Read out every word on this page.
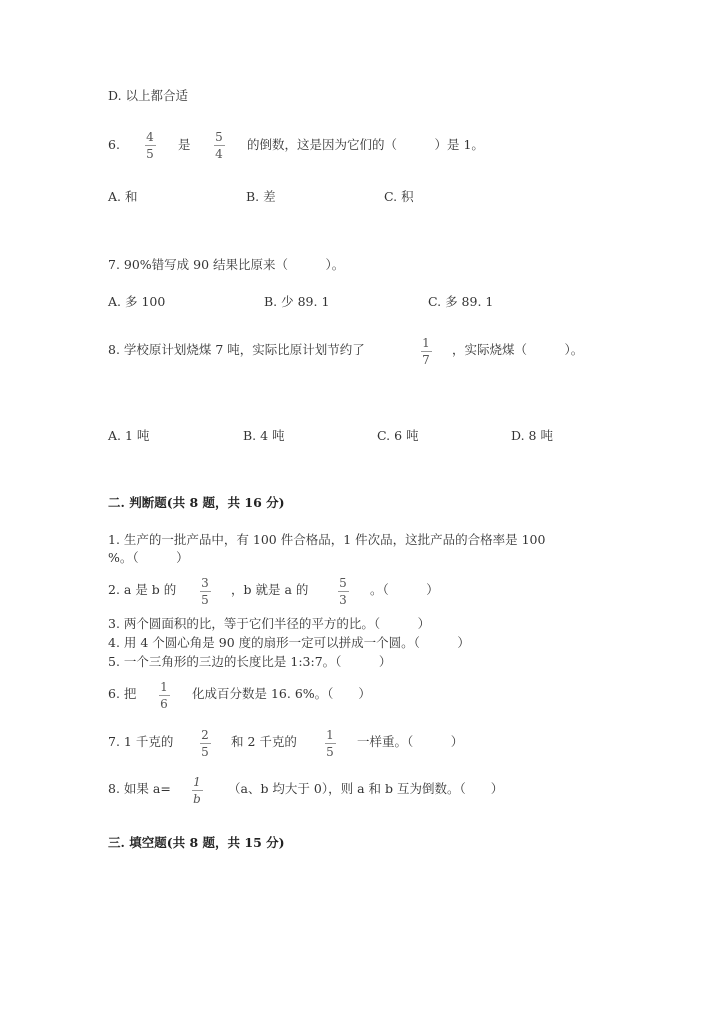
D. 以上都合适
6. 4
5
是 5
4
的倒数，这是因为它们的（　　　）是 1。
A. 和	B. 差	C. 积
7. 90%错写成 90 结果比原来（　　　）。
A. 多 100	B. 少 89. 1	C. 多 89. 1
8. 学校原计划烧煤 7 吨，实际比原计划节约了	1
7
，实际烧煤（　　　）。
A. 1 吨	B. 4 吨	C. 6 吨	D. 8 吨
二. 判断题(共 8 题，共 16 分)
1. 生产的一批产品中，有 100 件合格品，1 件次品，这批产品的合格率是 100
%。（　　　）
2. a 是 b 的 3
5
，b 就是 a 的	5
3
。（　　　）
3. 两个圆面积的比，等于它们半径的平方的比。（　　　）
4. 用 4 个圆心角是 90 度的扇形一定可以拼成一个圆。（　　　）
5. 一个三角形的三边的长度比是 1:3:7。（　　　）
6. 把 1
6
化成百分数是 16. 6%。（　　）
7. 1 千克的 2
5
和 2 千克的 1
5
一样重。（　　　）
8. 如果 a= 1
b
（a、b 均大于 0），则 a 和 b 互为倒数。（　　）
三. 填空题(共 8 题，共 15 分)
